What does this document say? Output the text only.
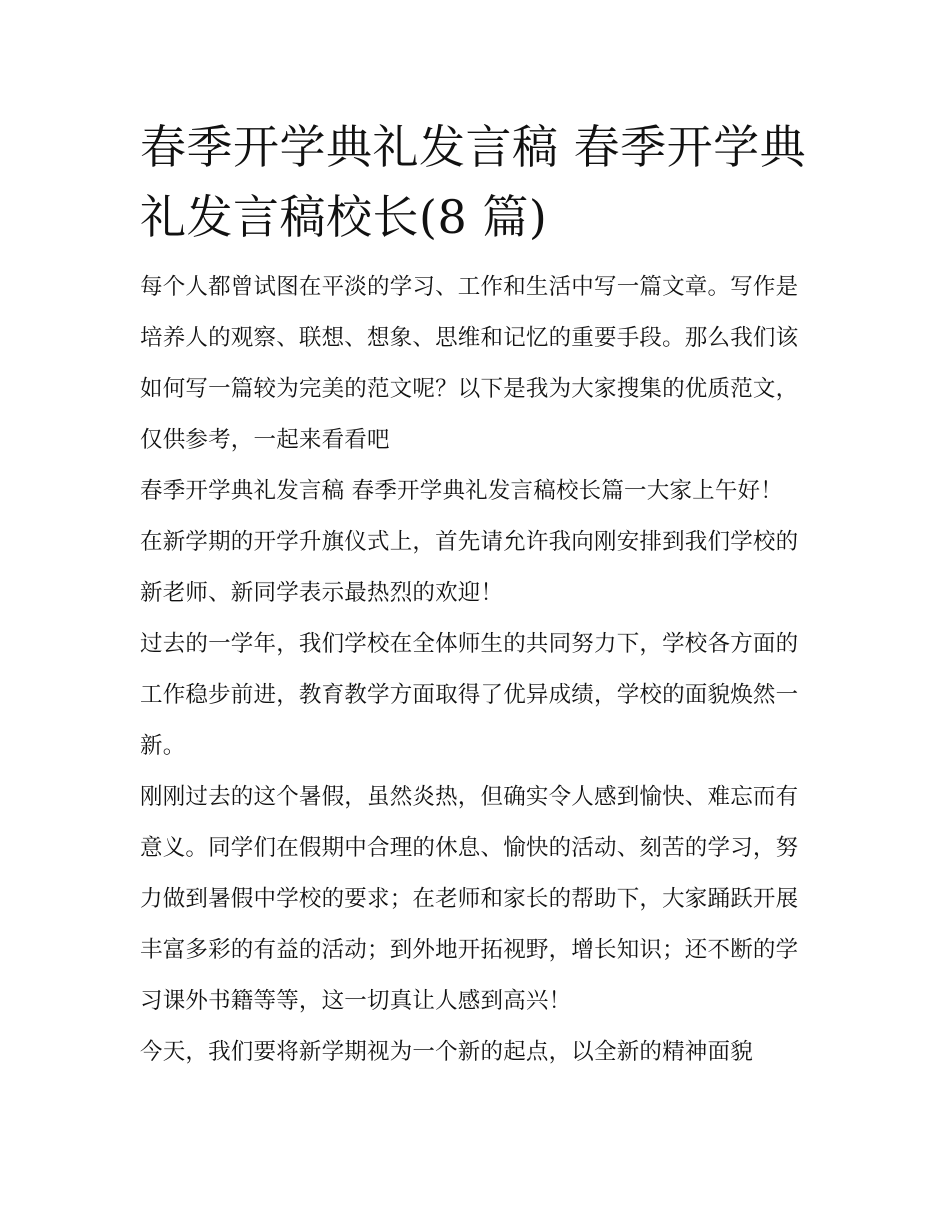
春季开学典礼发言稿 春季开学典礼发言稿校长(8 篇)

每个人都曾试图在平淡的学习、工作和生活中写一篇文章。写作是培养人的观察、联想、想象、思维和记忆的重要手段。那么我们该如何写一篇较为完美的范文呢？以下是我为大家搜集的优质范文，仅供参考，一起来看看吧

春季开学典礼发言稿 春季开学典礼发言稿校长篇一大家上午好！ 在新学期的开学升旗仪式上，首先请允许我向刚安排到我们学校的新老师、新同学表示最热烈的欢迎！

过去的一学年，我们学校在全体师生的共同努力下，学校各方面的工作稳步前进，教育教学方面取得了优异成绩，学校的面貌焕然一新。

刚刚过去的这个暑假，虽然炎热，但确实令人感到愉快、难忘而有意义。同学们在假期中合理的休息、愉快的活动、刻苦的学习，努力做到暑假中学校的要求；在老师和家长的帮助下，大家踊跃开展丰富多彩的有益的活动；到外地开拓视野，增长知识；还不断的学习课外书籍等等，这一切真让人感到高兴！

今天，我们要将新学期视为一个新的起点，以全新的精神面貌
